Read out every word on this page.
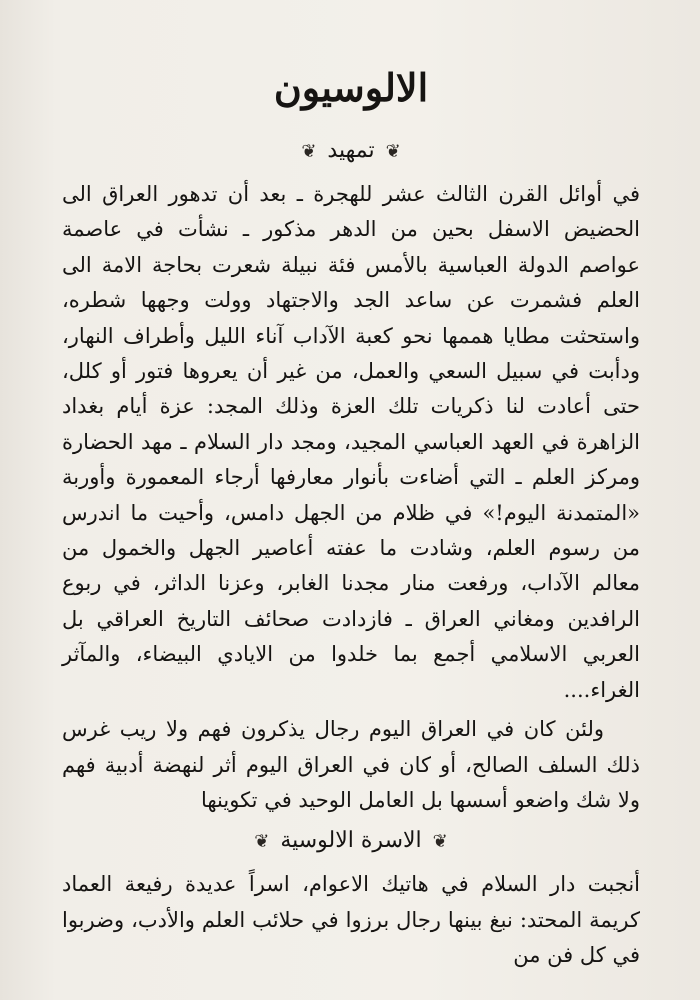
الالوسيون
❦ تمهيد ❦

في أوائل القرن الثالث عشر للهجرة ـ بعد أن تدهور العراق الى الحضيض الاسفل بحين من الدهر مذكور ـ نشأت في عاصمة عواصم الدولة العباسية بالأمس فئة نبيلة شعرت بحاجة الامة الى العلم فشمرت عن ساعد الجد والاجتهاد وولت وجهها شطره، واستحثت مطايا هممها نحو كعبة الآداب آناء الليل وأطراف النهار، ودأبت في سبيل السعي والعمل، من غير أن يعروها فتور أو كلل، حتى أعادت لنا ذكريات تلك العزة وذلك المجد: عزة أيام بغداد الزاهرة في العهد العباسي المجيد، ومجد دار السلام ـ مهد الحضارة ومركز العلم ـ التي أضاءت بأنوار معارفها أرجاء المعمورة وأوربة «المتمدنة اليوم!» في ظلام من الجهل دامس، وأحيت ما اندرس من رسوم العلم، وشادت ما عفته أعاصير الجهل والخمول من معالم الآداب، ورفعت منار مجدنا الغابر، وعزنا الداثر، في ربوع الرافدين ومغاني العراق ـ فازدادت صحائف التاريخ العراقي بل العربي الاسلامي أجمع بما خلدوا من الايادي البيضاء، والمآثر الغراء....

ولئن كان في العراق اليوم رجال يذكرون فهم ولا ريب غرس ذلك السلف الصالح، أو كان في العراق اليوم أثر لنهضة أدبية فهم ولا شك واضعو أسسها بل العامل الوحيد في تكوينها

❦ الاسرة الالوسية ❦

أنجبت دار السلام في هاتيك الاعوام، اسراً عديدة رفيعة العماد كريمة المحتد: نبغ بينها رجال برزوا في حلائب العلم والأدب، وضربوا في كل فن من
